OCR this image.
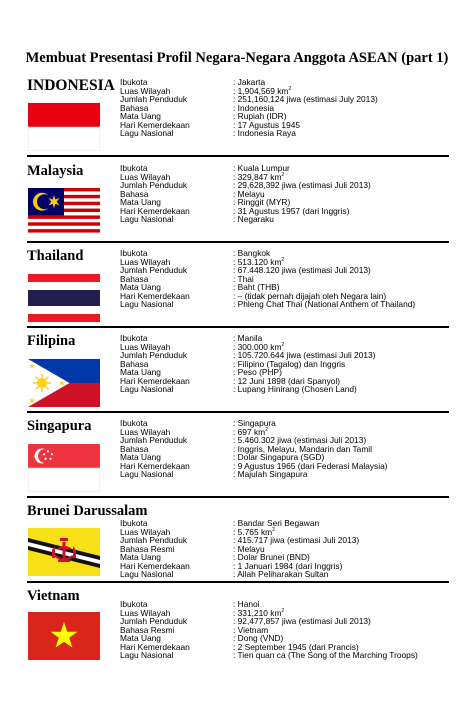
Membuat Presentasi Profil Negara-Negara Anggota ASEAN (part 1)
INDONESIA Ibukota	: Jakarta
Luas Wilayah	: 1,904,569 $km^2$
Jumlah Penduduk	: 251,160,124 jiwa (estimasi July 2013)
Bahasa	: Indonesia
Mata Uang	: Rupiah (IDR)
Hari Kemerdekaan	: 17 Agustus 1945
Lagu Nasional	: Indonesia Raya
Malaysia	Ibukota	: Kuala Lumpur
Luas Wilayah	: 329,847 $km^2$
Jumlah Penduduk	: 29,628,392 jiwa (estimasi Juli 2013)
Bahasa	: Melayu
Mata Uang	: Ringgit (MYR)
Hari Kemerdekaan	: 31 Agustus 1957 (dari Inggris)
Lagu Nasional	: Negaraku
Thailand	Ibukota	: Bangkok
Luas Wilayah	: 513.120 $km^2$
Jumlah Penduduk	: 67.448.120 jiwa (estimasi Juli 2013)
Bahasa	: Thai
Mata Uang	: Baht (THB)
Hari Kemerdekaan	: – (tidak pernah dijajah oleh Negara lain)
Lagu Nasional	: Phleng Chat Thai (National Anthem of Thailand)
Filipina	Ibukota	: Manila
Luas Wilayah	: 300.000 $km^2$
Jumlah Penduduk	: 105.720.644 jiwa (estimasi Juli 2013)
Bahasa	: Filipino (Tagalog) dan Inggris
Mata Uang	: Peso (PHP)
Hari Kemerdekaan	: 12 Juni 1898 (dari Spanyol)
Lagu Nasional	: Lupang Hinirang (Chosen Land)
Singapura	Ibukota	: Singapura
Luas Wilayah	: 697 $km^2$
Jumlah Penduduk	: 5.460.302 jiwa (estimasi Juli 2013)
Bahasa	: Inggris, Melayu, Mandarin dan Tamil
Mata Uang	: Dolar Singapura (SGD)
Hari Kemerdekaan	: 9 Agustus 1965 (dari Federasi Malaysia)
Lagu Nasional	: Majulah Singapura
Brunei Darussalam
Ibukota	: Bandar Seri Begawan
Luas Wilayah	: 5.765 $km^2$
Jumlah Penduduk	: 415.717 jiwa (estimasi Juli 2013)
Bahasa Resmi	: Melayu
Mata Uang	: Dolar Brunei (BND)
Hari Kemerdekaan	: 1 Januari 1984 (dari Inggris)
Lagu Nasional	: Allah Peliharakan Sultan
Vietnam	Ibukota	: Hanoi
Luas Wilayah	: 331,210 $km^2$
Jumlah Penduduk	: 92,477,857 jiwa (estimasi Juli 2013)
Bahasa Resmi	: Vietnam
Mata Uang	: Dong (VND)
Hari Kemerdekaan	: 2 September 1945 (dari Prancis)
Lagu Nasional	: Tien quan ca (The Song of the Marching Troops)
